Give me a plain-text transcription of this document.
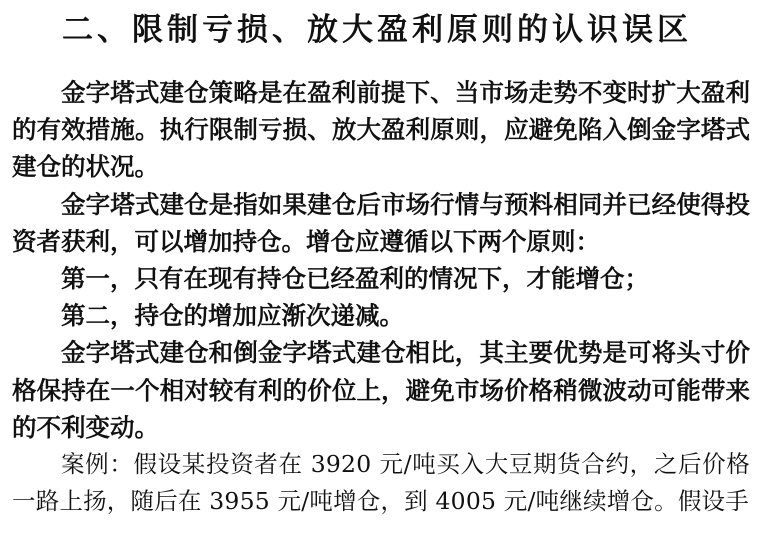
二、限制亏损、放大盈利原则的认识误区

金字塔式建仓策略是在盈利前提下、当市场走势不变时扩大盈利的有效措施。执行限制亏损、放大盈利原则，应避免陷入倒金字塔式建仓的状况。

金字塔式建仓是指如果建仓后市场行情与预料相同并已经使得投资者获利，可以增加持仓。增仓应遵循以下两个原则：

第一，只有在现有持仓已经盈利的情况下，才能增仓；

第二，持仓的增加应渐次递减。

金字塔式建仓和倒金字塔式建仓相比，其主要优势是可将头寸价格保持在一个相对较有利的价位上，避免市场价格稍微波动可能带来的不利变动。

案例：假设某投资者在 3920 元/吨买入大豆期货合约，之后价格一路上扬，随后在 3955 元/吨增仓，到 4005 元/吨继续增仓。假设手
